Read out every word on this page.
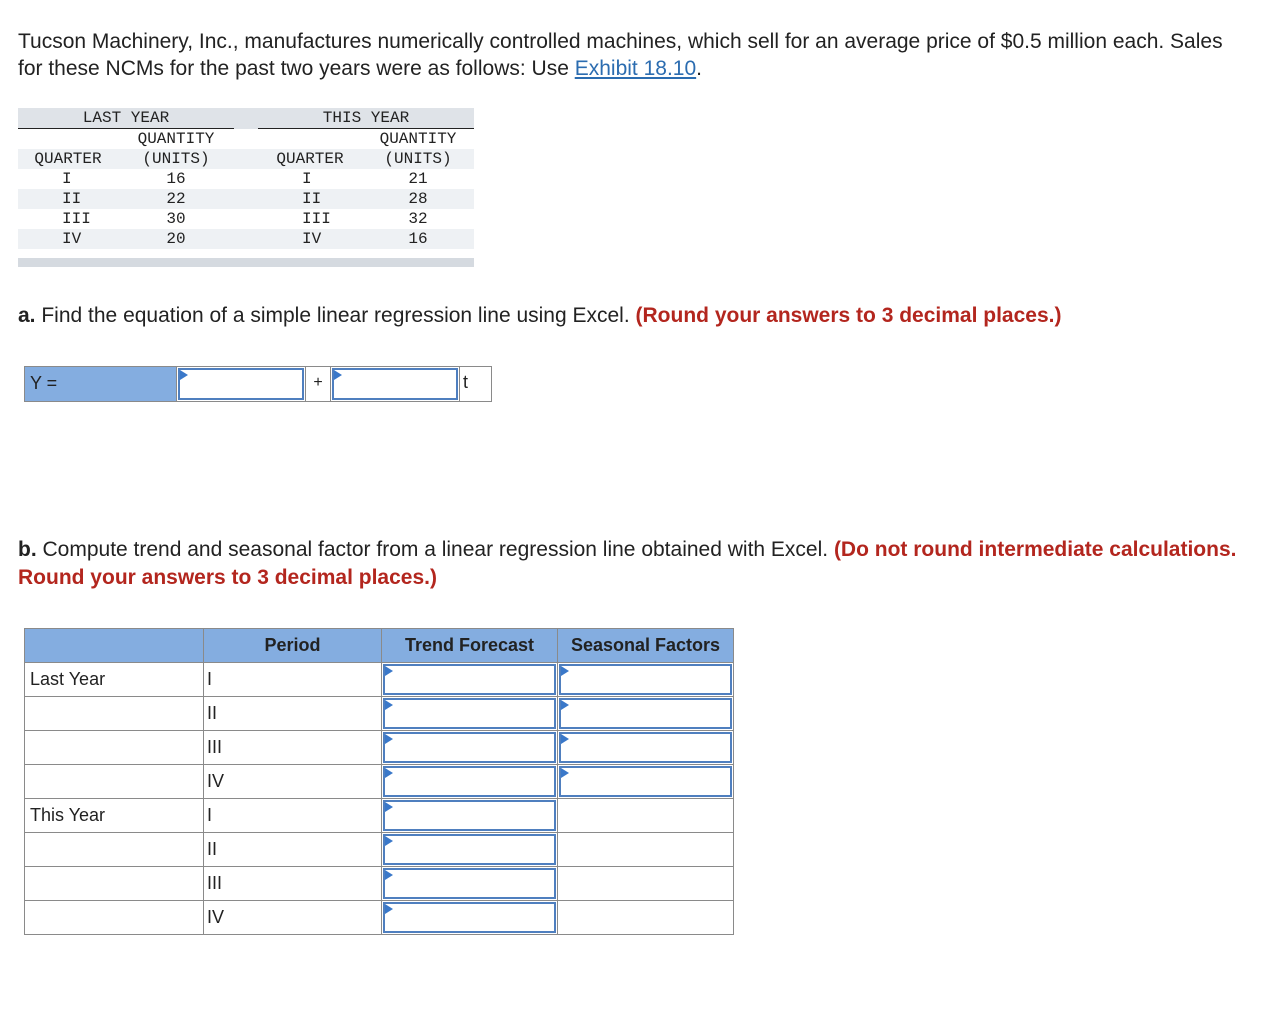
Tucson Machinery, Inc., manufactures numerically controlled machines, which sell for an average price of $0.5 million each. Sales for these NCMs for the past two years were as follows: Use Exhibit 18.10.
LAST YEAR			THIS YEAR	
	QUANTITY			QUANTITY
QUARTER	(UNITS)		QUARTER	(UNITS)
I	16		I	21
II	22		II	28
III	30		III	32
IV	20		IV	16

a. Find the equation of a simple linear regression line using Excel. (Round your answers to 3 decimal places.)
Y =	+	t
b. Compute trend and seasonal factor from a linear regression line obtained with Excel. (Do not round intermediate calculations. Round your answers to 3 decimal places.)
	Period	Trend Forecast	Seasonal Factors
Last Year	I	

	II	

	III	

	IV	

This Year	I	

	II	

	III	

	IV	
